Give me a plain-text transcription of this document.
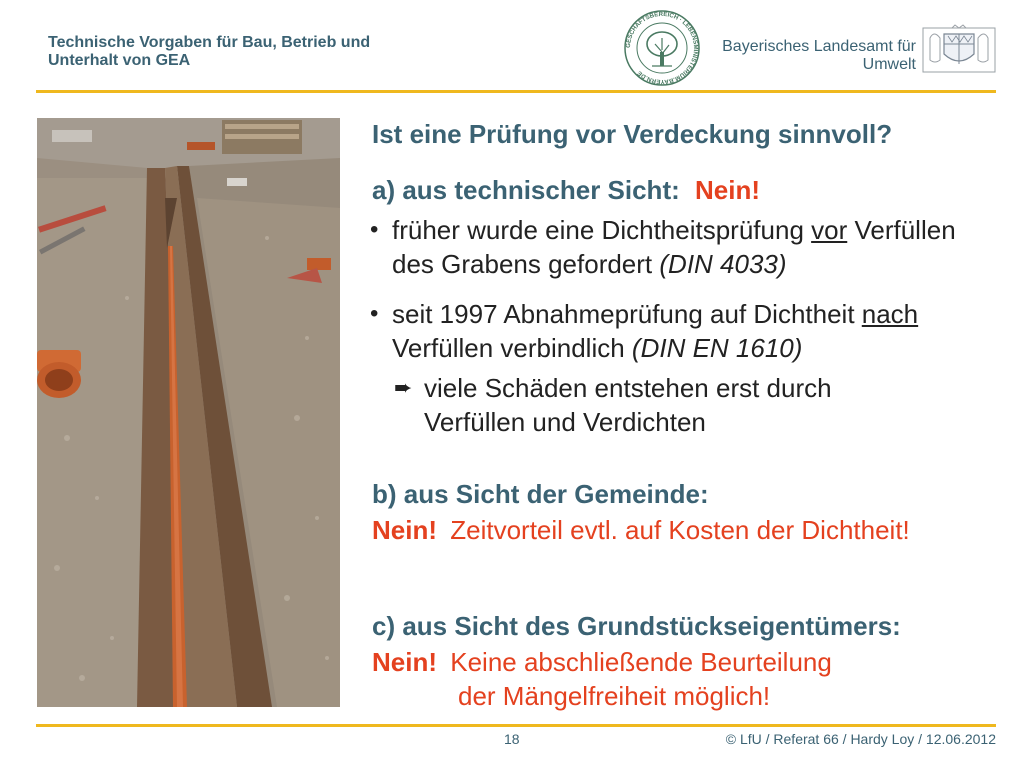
Technische Vorgaben für Bau, Betrieb und
Unterhalt von GEA
GESCHÄFTSBEREICH · LEBENSMINISTERIUM.BAYERN.DE
Bayerisches Landesamt für
Umwelt
Ist eine Prüfung vor Verdeckung sinnvoll?
a) aus technischer Sicht: Nein!
• früher wurde eine Dichtheitsprüfung vor Verfüllen
des Grabens gefordert (DIN 4033)
• seit 1997 Abnahmeprüfung auf Dichtheit nach
Verfüllen verbindlich (DIN EN 1610)
➨ viele Schäden entstehen erst durch
Verfüllen und Verdichten
b) aus Sicht der Gemeinde:
Nein! Zeitvorteil evtl. auf Kosten der Dichtheit!
c) aus Sicht des Grundstückseigentümers:
Nein! Keine abschließende Beurteilung
der Mängelfreiheit möglich!
18	© LfU / Referat 66 / Hardy Loy / 12.06.2012
